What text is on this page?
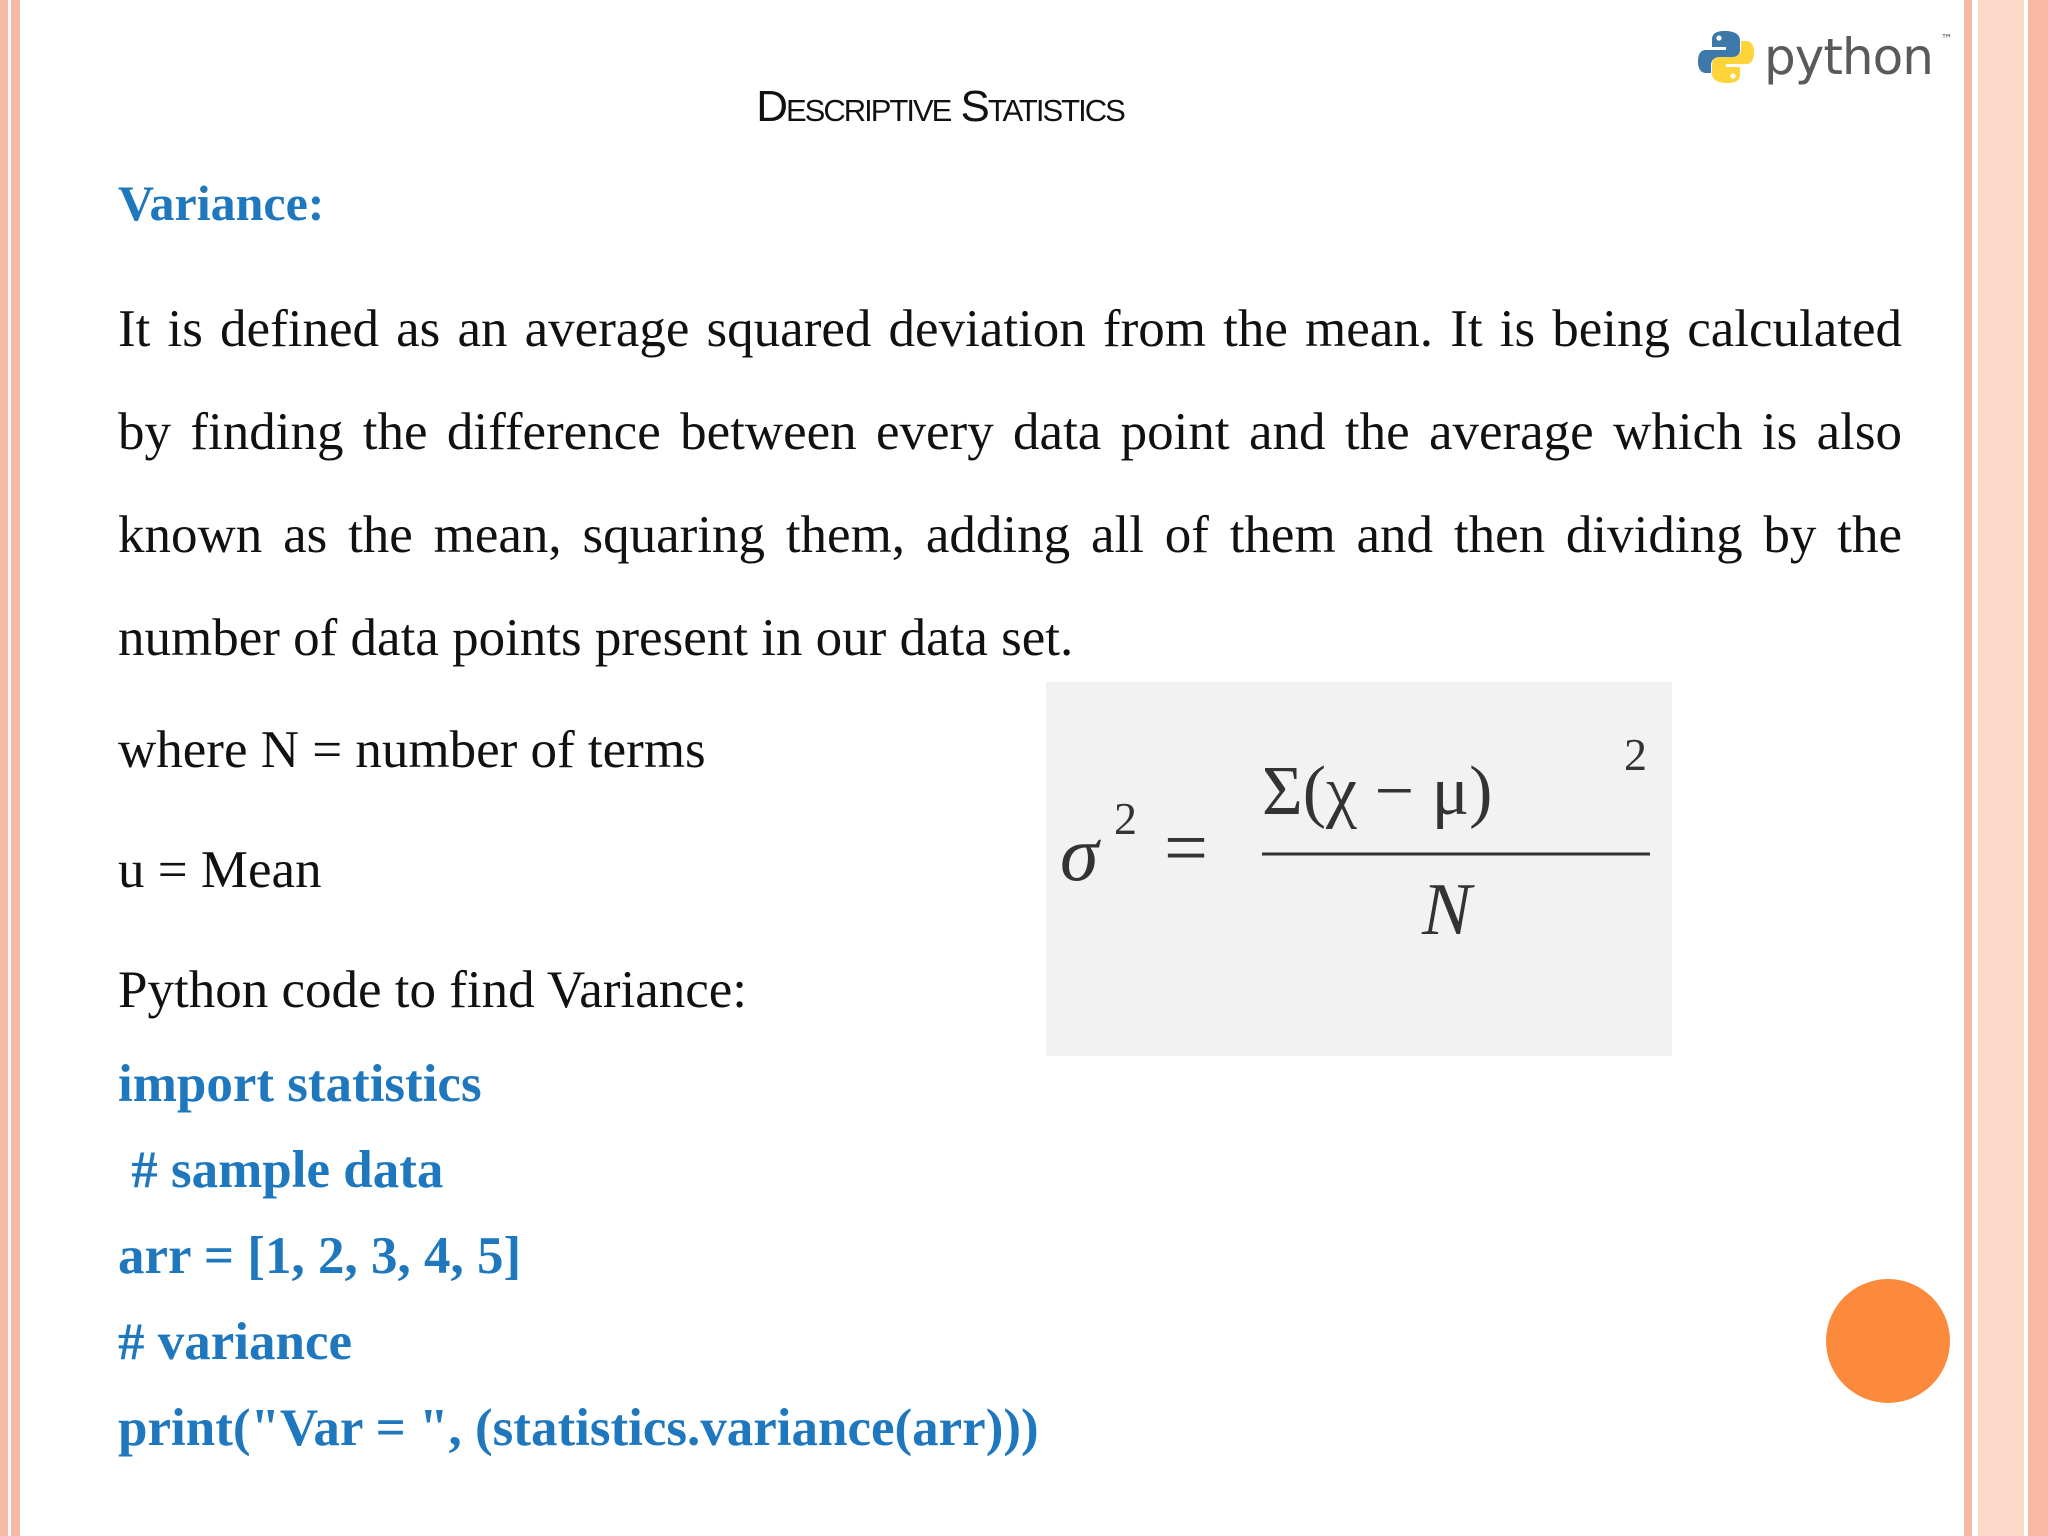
python ™
Descriptive Statistics
Variance:

It is defined as an average squared deviation from the mean. It is being calculated by finding the difference between every data point and the average which is also known as the mean, squaring them, adding all of them and then dividing by the number of data points present in our data set.

where N = number of terms
u = Mean
Python code to find Variance:
import statistics
# sample data
arr = [1, 2, 3, 4, 5]
# variance
print("Var = ", (statistics.variance(arr)))
σ 2 =
Σ(χ − μ)	2
N
